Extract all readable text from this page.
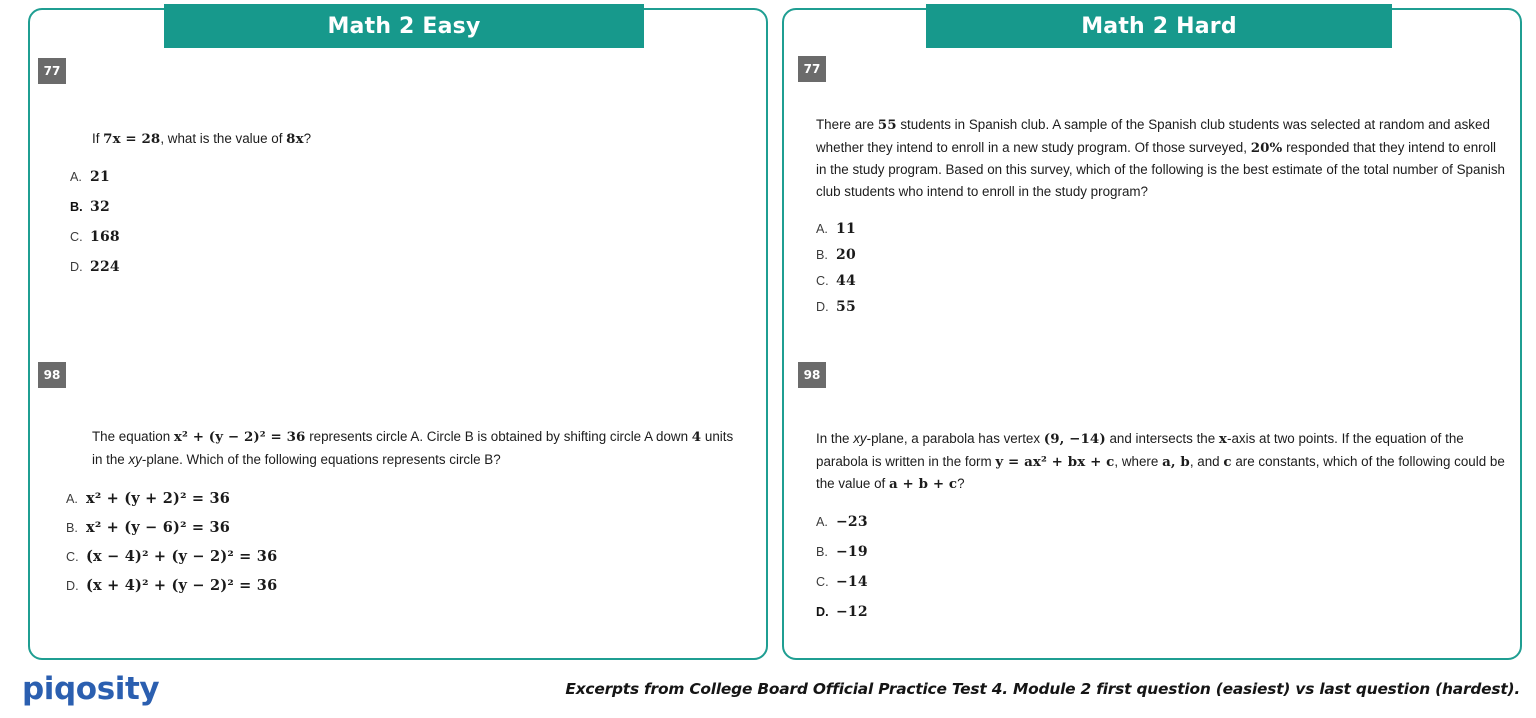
Math 2 Easy
77
If 7x = 28, what is the value of 8x?
A. 21
B. 32
C. 168
D. 224
98
The equation x² + (y − 2)² = 36 represents circle A. Circle B is obtained by shifting circle A down 4 units in the xy-plane. Which of the following equations represents circle B?
A. x² + (y + 2)² = 36
B. x² + (y − 6)² = 36
C. (x − 4)² + (y − 2)² = 36
D. (x + 4)² + (y − 2)² = 36
Math 2 Hard
77
There are 55 students in Spanish club. A sample of the Spanish club students was selected at random and asked whether they intend to enroll in a new study program. Of those surveyed, 20% responded that they intend to enroll in the study program. Based on this survey, which of the following is the best estimate of the total number of Spanish club students who intend to enroll in the study program?
A. 11
B. 20
C. 44
D. 55
98
In the xy-plane, a parabola has vertex (9, −14) and intersects the x-axis at two points. If the equation of the parabola is written in the form y = ax² + bx + c, where a, b, and c are constants, which of the following could be the value of a + b + c?
A. −23
B. −19
C. −14
D. −12
piqosity	Excerpts from College Board Official Practice Test 4. Module 2 first question (easiest) vs last question (hardest).
